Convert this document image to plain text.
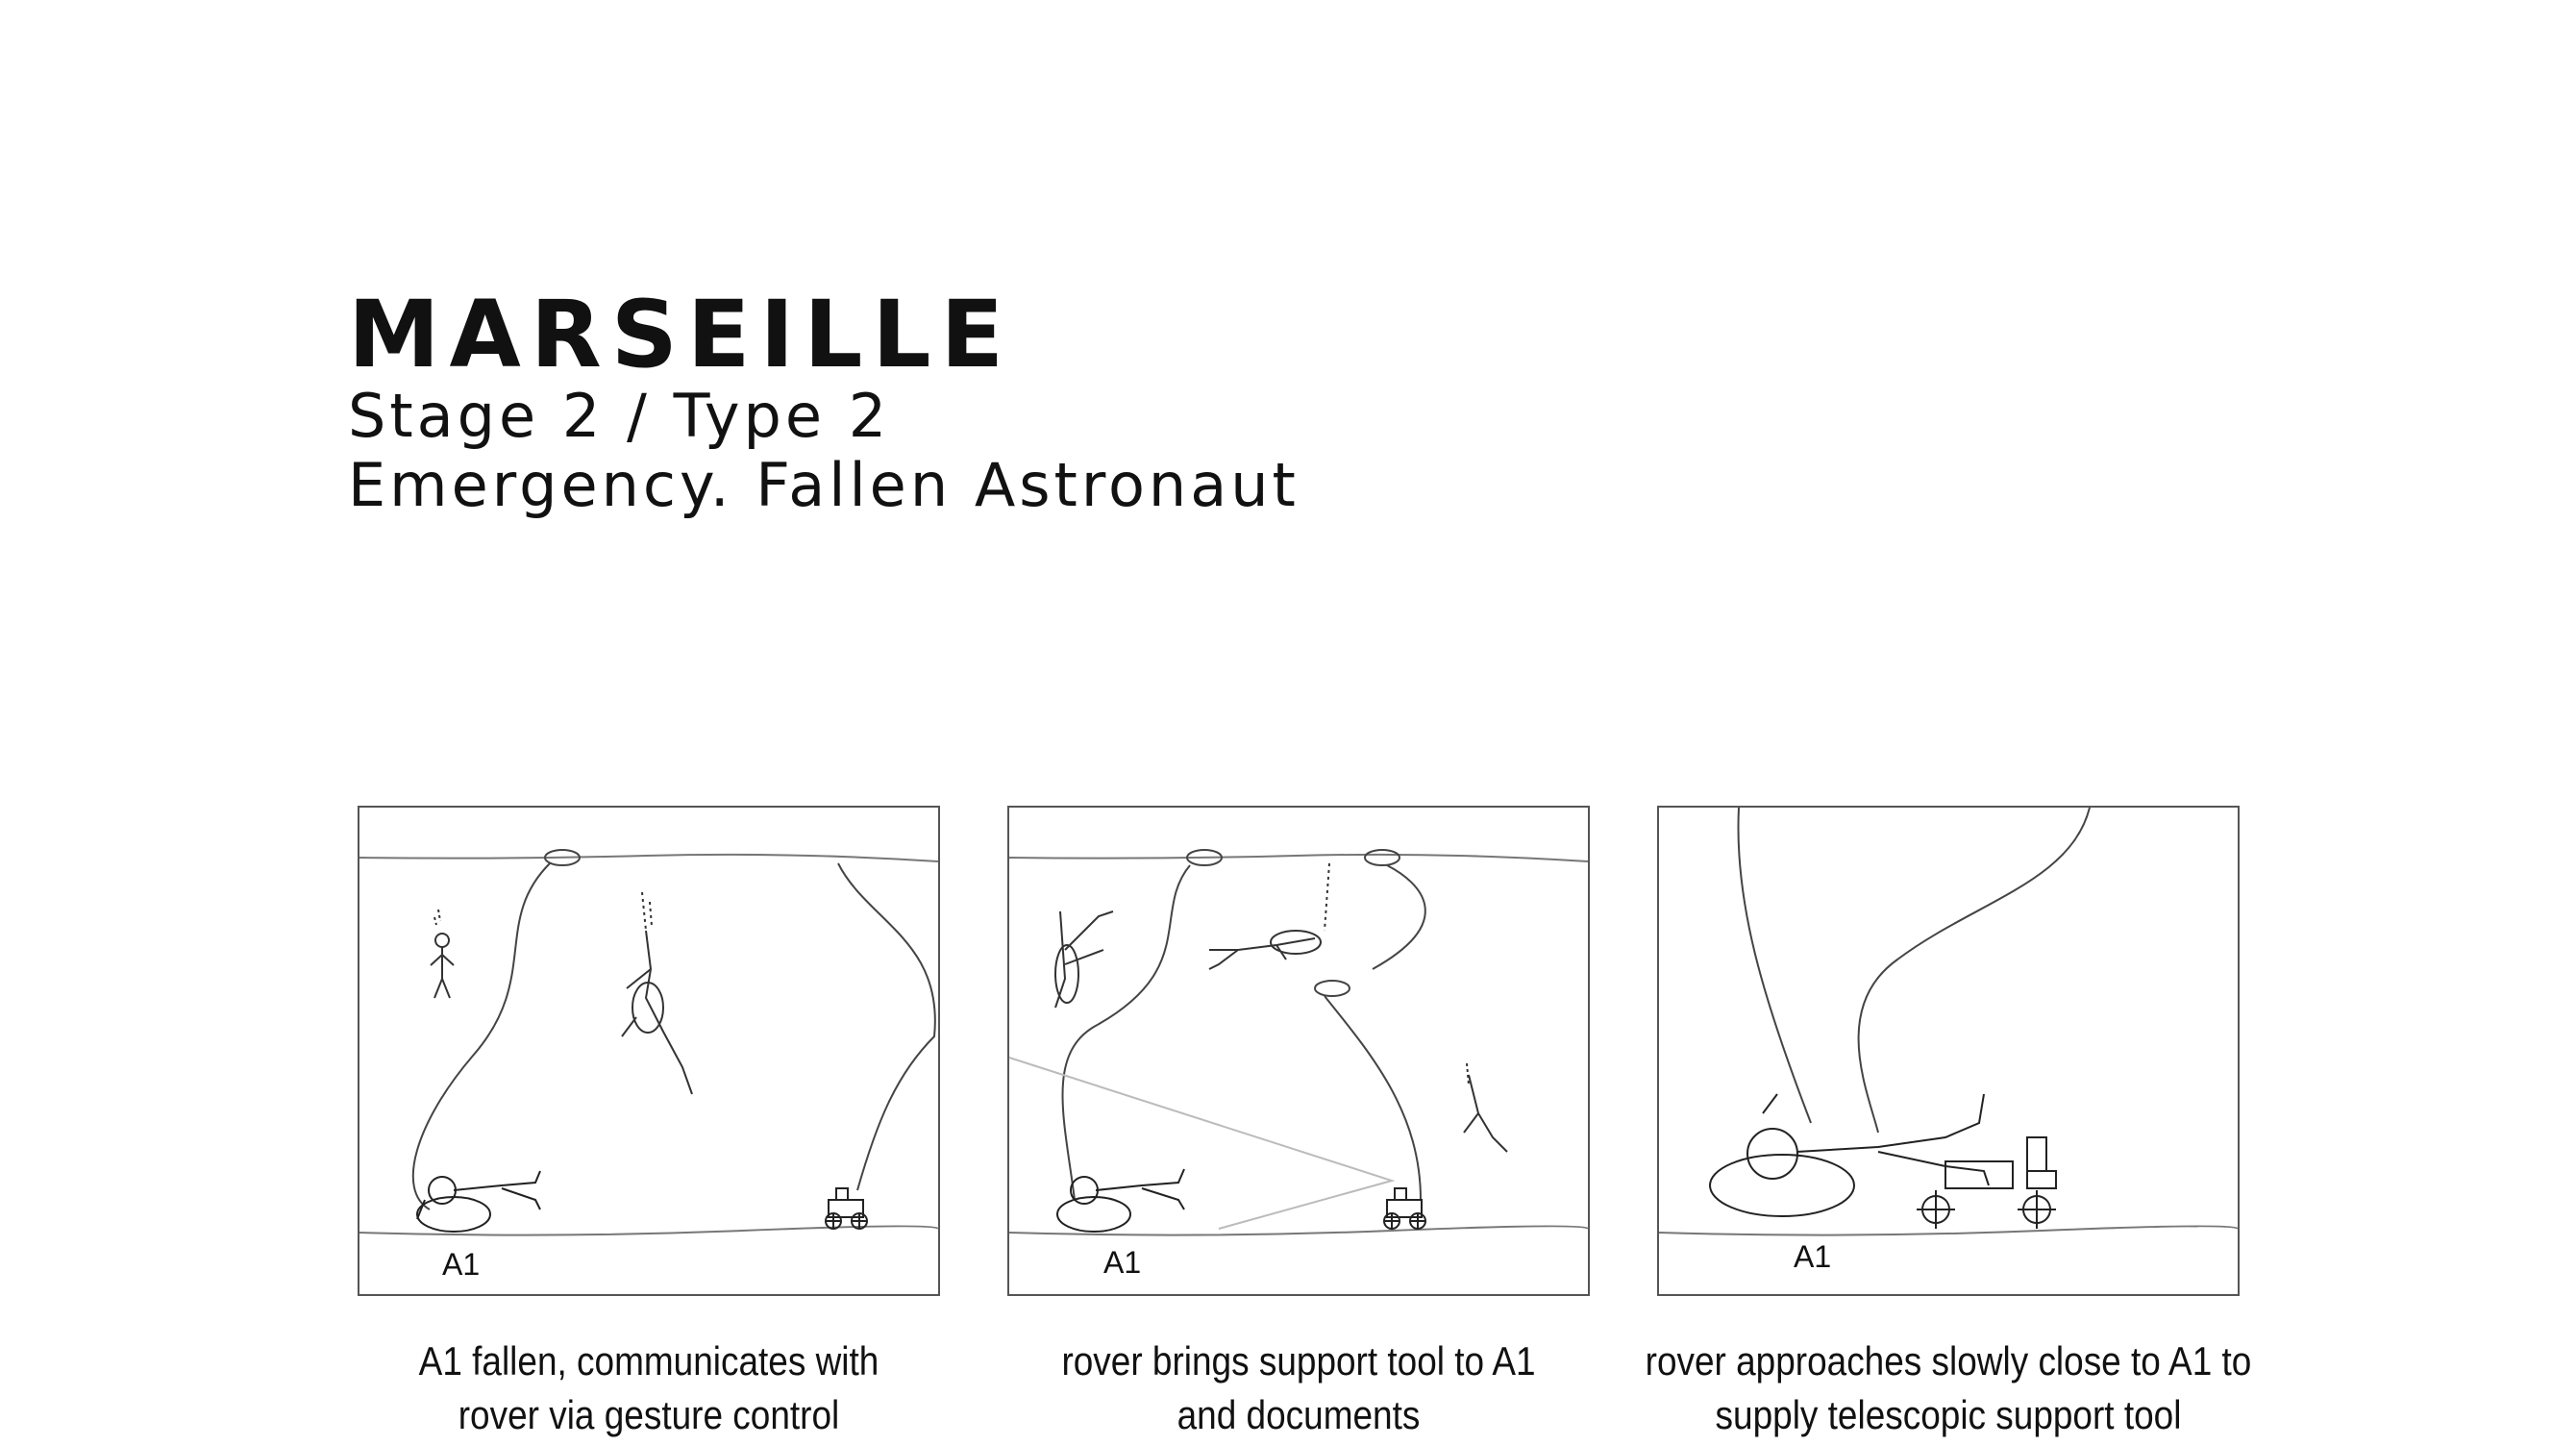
MARSEILLE
Stage 2 / Type 2
Emergency. Fallen Astronaut
A1	A1	A1
A1 fallen, communicates with
rover via gesture control
rover brings support tool to A1
and documents
rover approaches slowly close to A1 to
supply telescopic support tool
